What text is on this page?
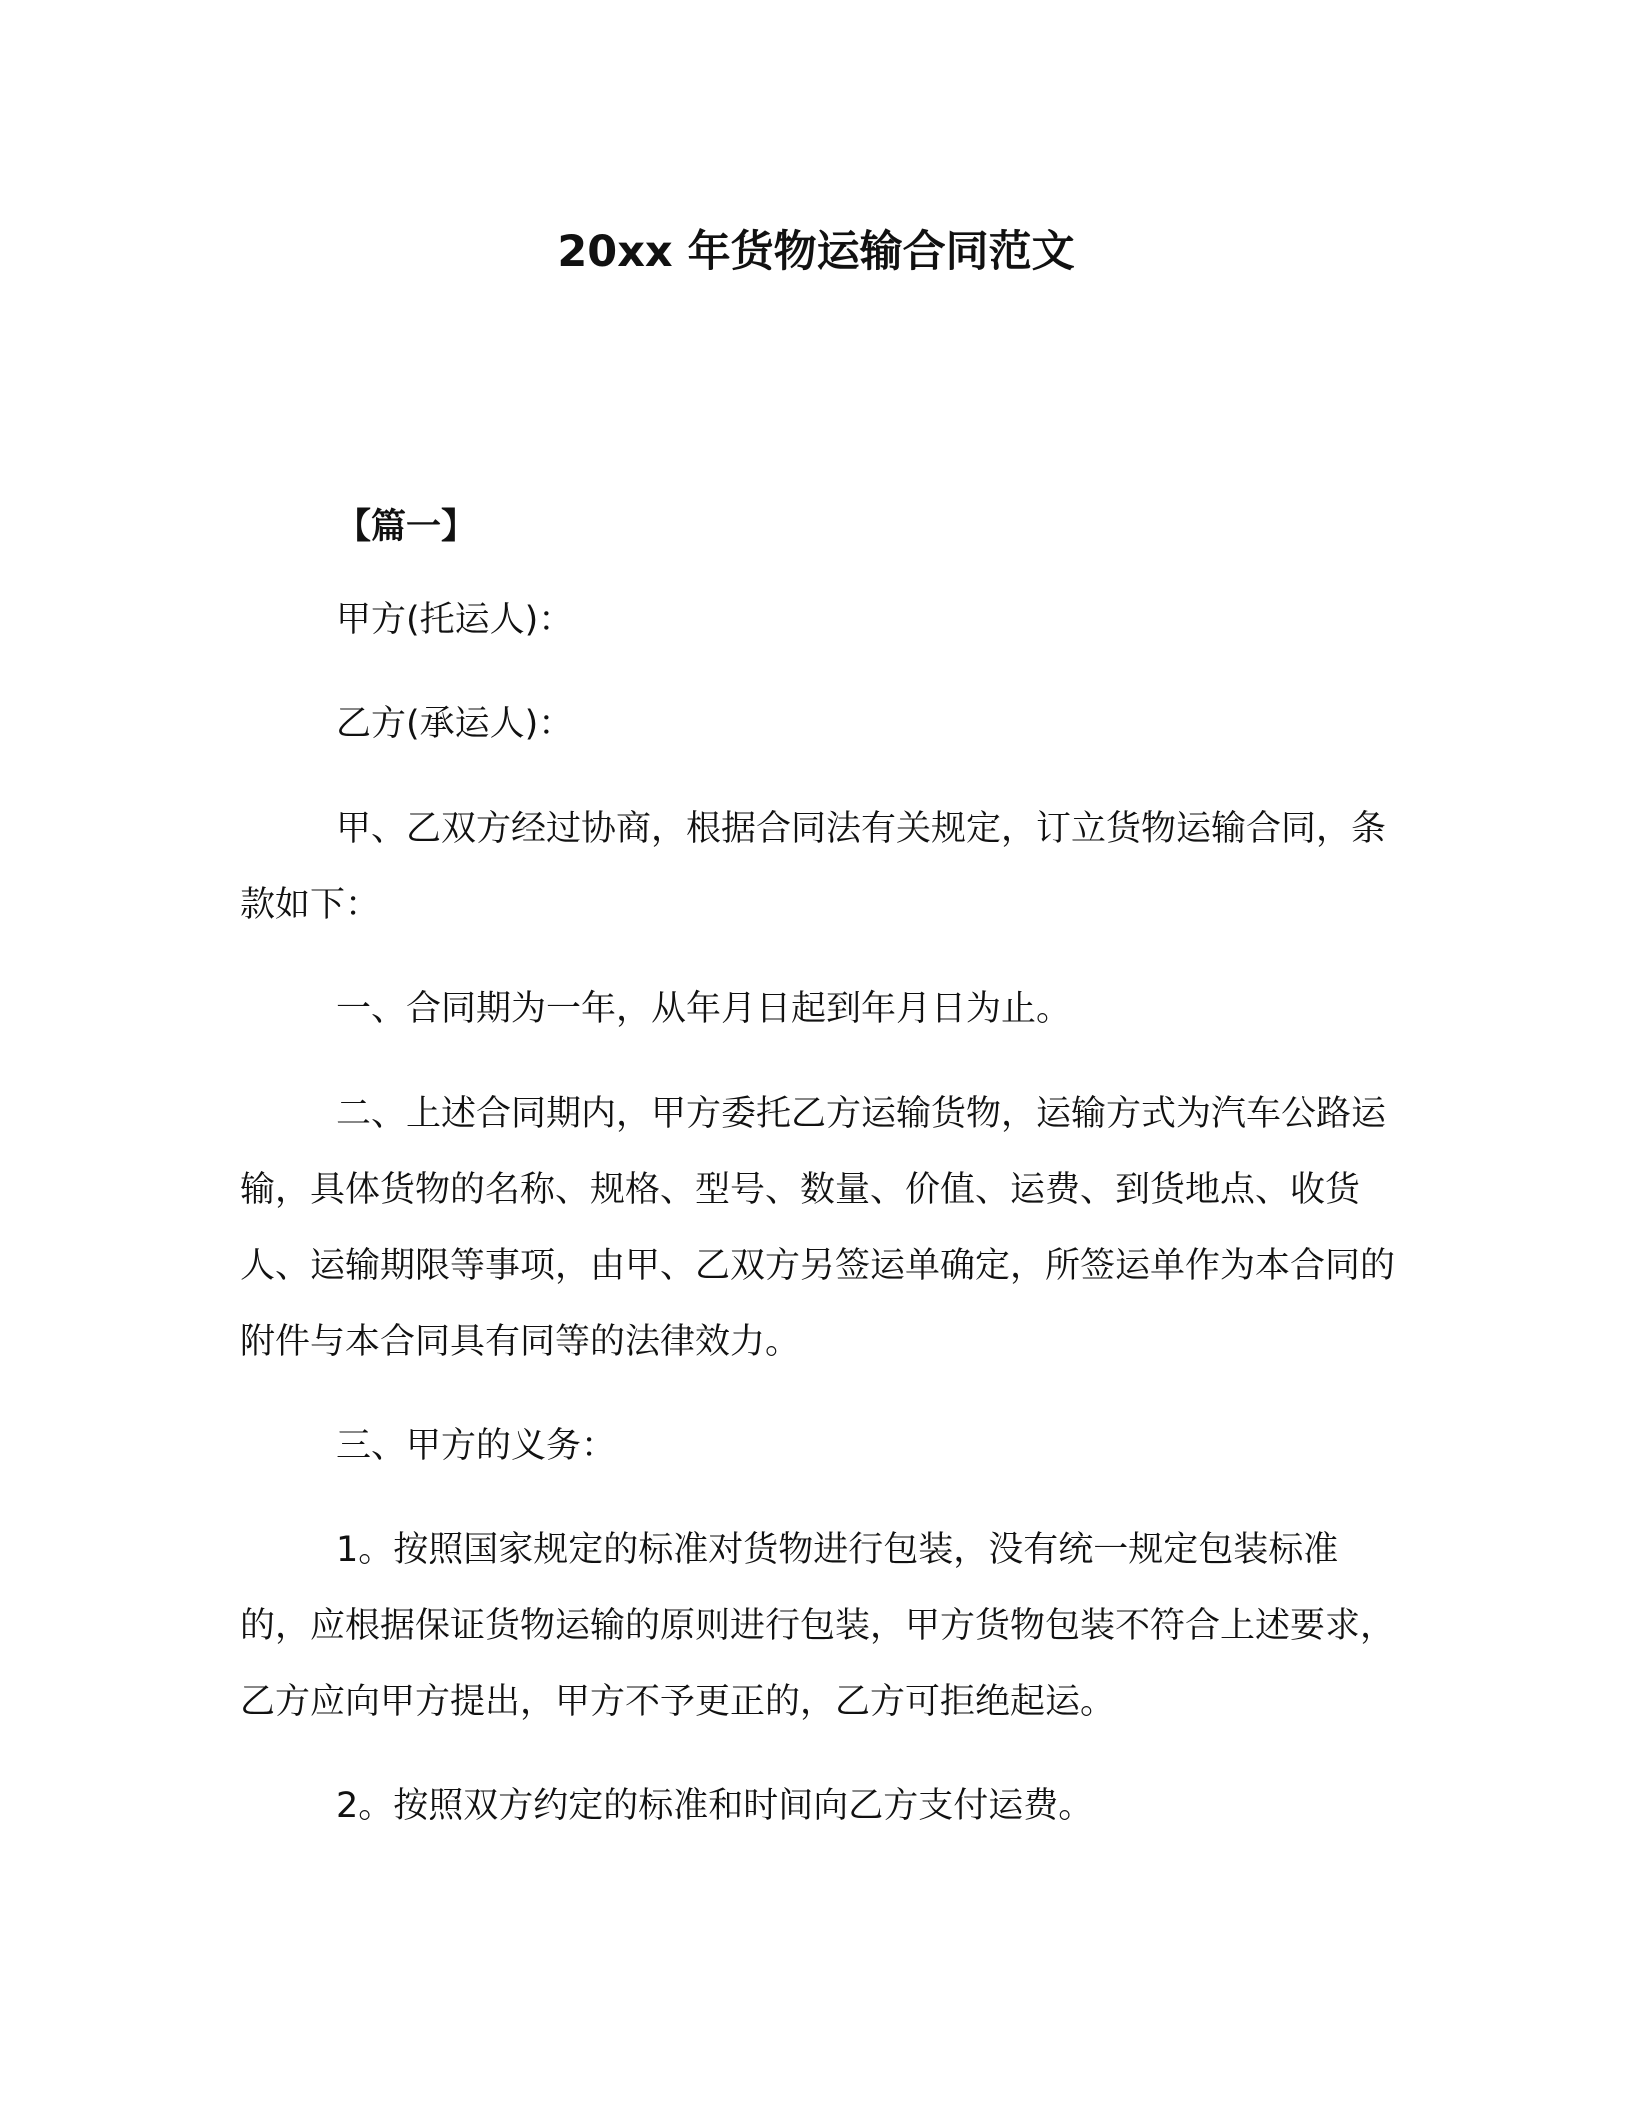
20xx 年货物运输合同范文

【篇一】

甲方(托运人)：

乙方(承运人)：

甲、乙双方经过协商，根据合同法有关规定，订立货物运输合同，条款如下：

一、合同期为一年，从年月日起到年月日为止。

二、上述合同期内，甲方委托乙方运输货物，运输方式为汽车公路运输，具体货物的名称、规格、型号、数量、价值、运费、到货地点、收货人、运输期限等事项，由甲、乙双方另签运单确定，所签运单作为本合同的附件与本合同具有同等的法律效力。

三、甲方的义务：

1。按照国家规定的标准对货物进行包装，没有统一规定包装标准的，应根据保证货物运输的原则进行包装，甲方货物包装不符合上述要求，乙方应向甲方提出，甲方不予更正的，乙方可拒绝起运。

2。按照双方约定的标准和时间向乙方支付运费。
